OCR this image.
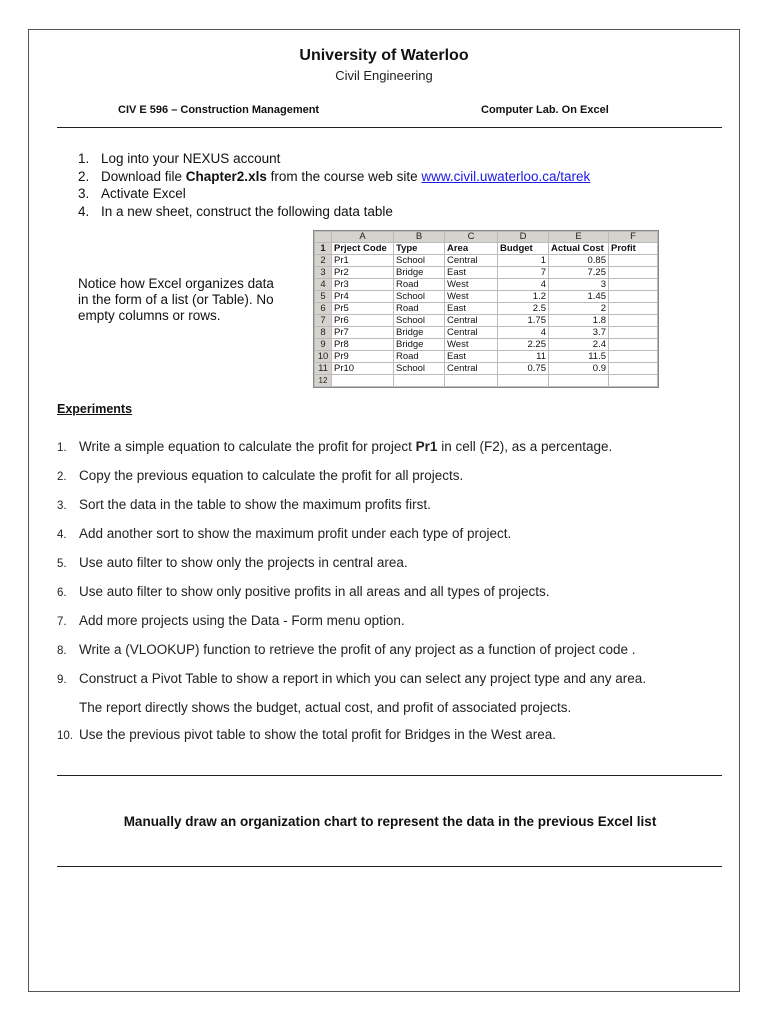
University of Waterloo
Civil Engineering
CIV E 596 – Construction Management	Computer Lab. On Excel
1. Log into your NEXUS account
2. Download file Chapter2.xls from the course web site www.civil.uwaterloo.ca/tarek
3. Activate Excel
4. In a new sheet, construct the following data table
Notice how Excel organizes data in the form of a list (or Table). No empty columns or rows.
	A	B	C	D	E	F
1	Prject Code	Type	Area	Budget	Actual Cost	Profit
2	Pr1	School	Central	1	0.85	
3	Pr2	Bridge	East	7	7.25	
4	Pr3	Road	West	4	3	
5	Pr4	School	West	1.2	1.45	
6	Pr5	Road	East	2.5	2	
7	Pr6	School	Central	1.75	1.8	
8	Pr7	Bridge	Central	4	3.7	
9	Pr8	Bridge	West	2.25	2.4	
10	Pr9	Road	East	11	11.5	
11	Pr10	School	Central	0.75	0.9	
12						
Experiments
1. Write a simple equation to calculate the profit for project Pr1 in cell (F2), as a percentage.
2. Copy the previous equation to calculate the profit for all projects.
3. Sort the data in the table to show the maximum profits first.
4. Add another sort to show the maximum profit under each type of project.
5. Use auto filter to show only the projects in central area.
6. Use auto filter to show only positive profits in all areas and all types of projects.
7. Add more projects using the Data - Form menu option.
8. Write a (VLOOKUP) function to retrieve the profit of any project as a function of project code .
9. Construct a Pivot Table to show a report in which you can select any project type and any area.
The report directly shows the budget, actual cost, and profit of associated projects.
10. Use the previous pivot table to show the total profit for Bridges in the West area.
Manually draw an organization chart to represent the data in the previous Excel list
